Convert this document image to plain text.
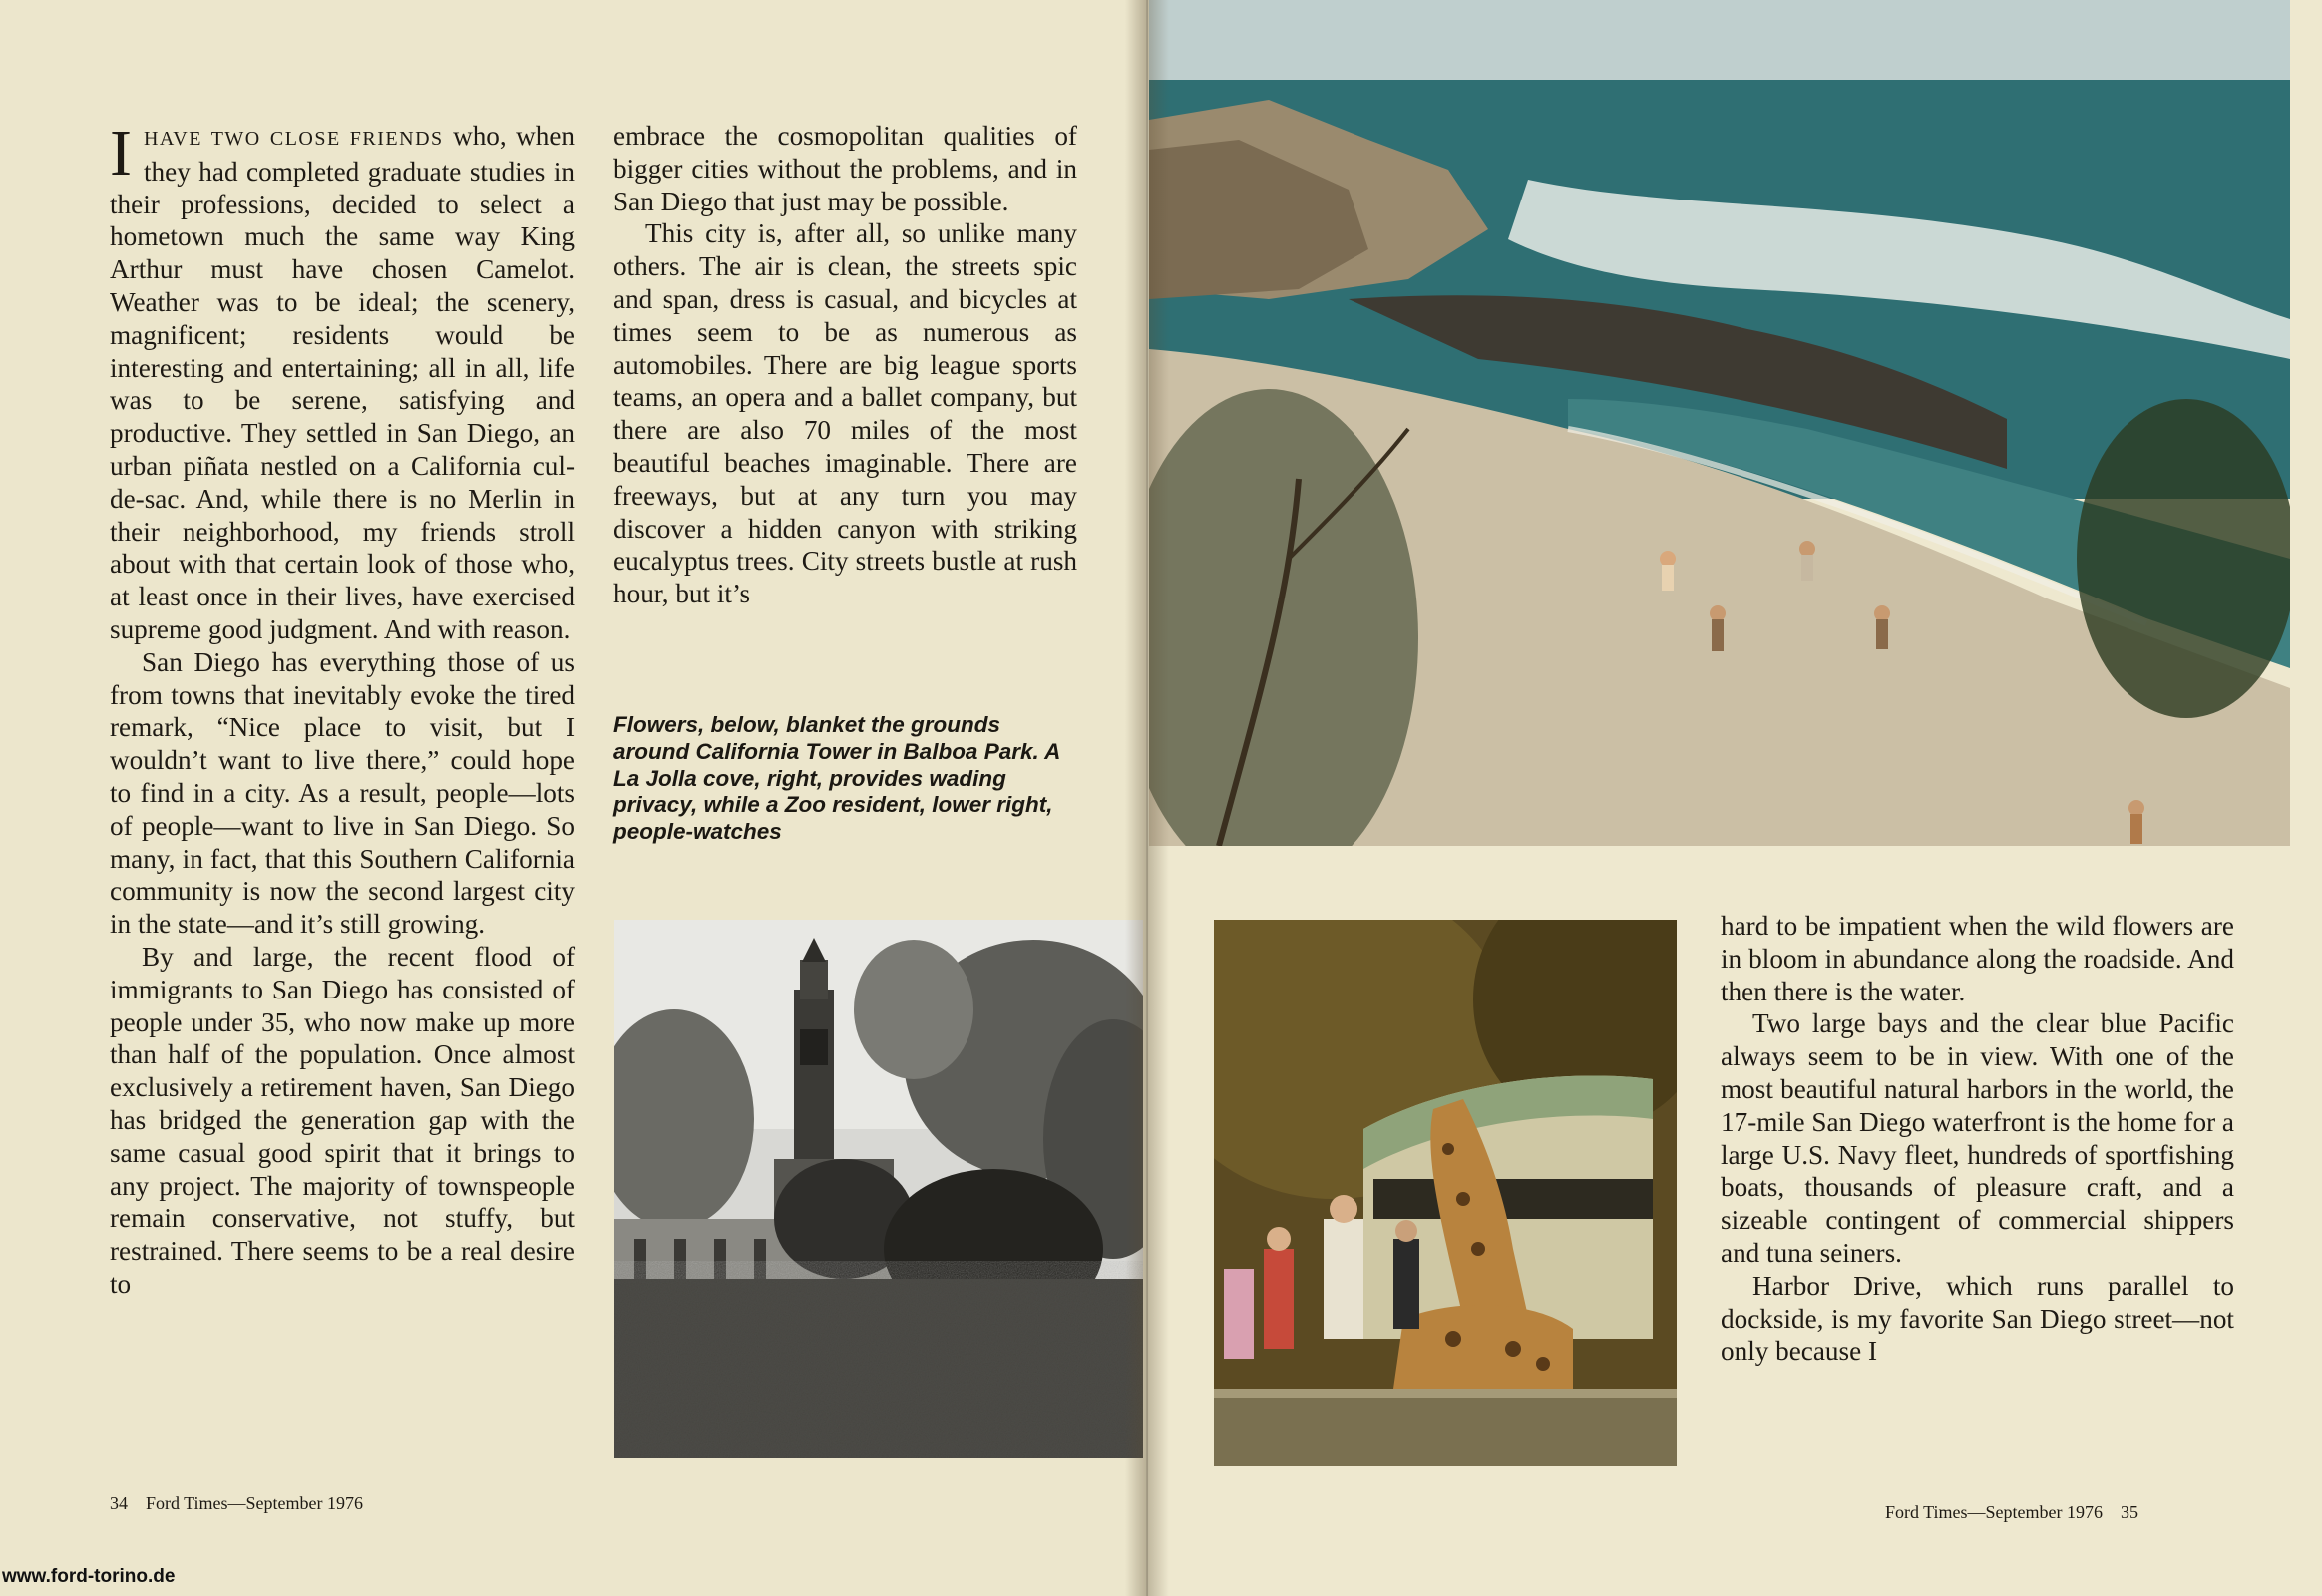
IHAVE TWO CLOSE FRIENDS who, when they had completed graduate studies in their professions, decided to select a hometown much the same way King Arthur must have chosen Camelot. Weather was to be ideal; the scenery, magnificent; residents would be interesting and entertaining; all in all, life was to be serene, satisfying and productive. They settled in San Diego, an urban piñata nestled on a California cul-de-sac. And, while there is no Merlin in their neighborhood, my friends stroll about with that certain look of those who, at least once in their lives, have exercised supreme good judgment. And with reason.

San Diego has everything those of us from towns that inevitably evoke the tired remark, “Nice place to visit, but I wouldn’t want to live there,” could hope to find in a city. As a result, people—lots of people—want to live in San Diego. So many, in fact, that this Southern California community is now the second largest city in the state—and it’s still growing.

By and large, the recent flood of immigrants to San Diego has consisted of people under 35, who now make up more than half of the population. Once almost exclusively a retirement haven, San Diego has bridged the generation gap with the same casual good spirit that it brings to any project. The majority of townspeople remain conservative, not stuffy, but restrained. There seems to be a real desire to

embrace the cosmopolitan qualities of bigger cities without the problems, and in San Diego that just may be possible.

This city is, after all, so unlike many others. The air is clean, the streets spic and span, dress is casual, and bicycles at times seem to be as numerous as automobiles. There are big league sports teams, an opera and a ballet company, but there are also 70 miles of the most beautiful beaches imaginable. There are freeways, but at any turn you may discover a hidden canyon with striking eucalyptus trees. City streets bustle at rush hour, but it’s

Flowers, below, blanket the grounds around California Tower in Balboa Park. A La Jolla cove, right, provides wading privacy, while a Zoo resident, lower right, people-watches

34 Ford Times—September 1976

hard to be impatient when the wild flowers are in bloom in abundance along the roadside. And then there is the water.

Two large bays and the clear blue Pacific always seem to be in view. With one of the most beautiful natural harbors in the world, the 17-mile San Diego waterfront is the home for a large U.S. Navy fleet, hundreds of sportfishing boats, thousands of pleasure craft, and a sizeable contingent of commercial shippers and tuna seiners.

Harbor Drive, which runs parallel to dockside, is my favorite San Diego street—not only because I

Ford Times—September 1976 35

www.ford-torino.de
